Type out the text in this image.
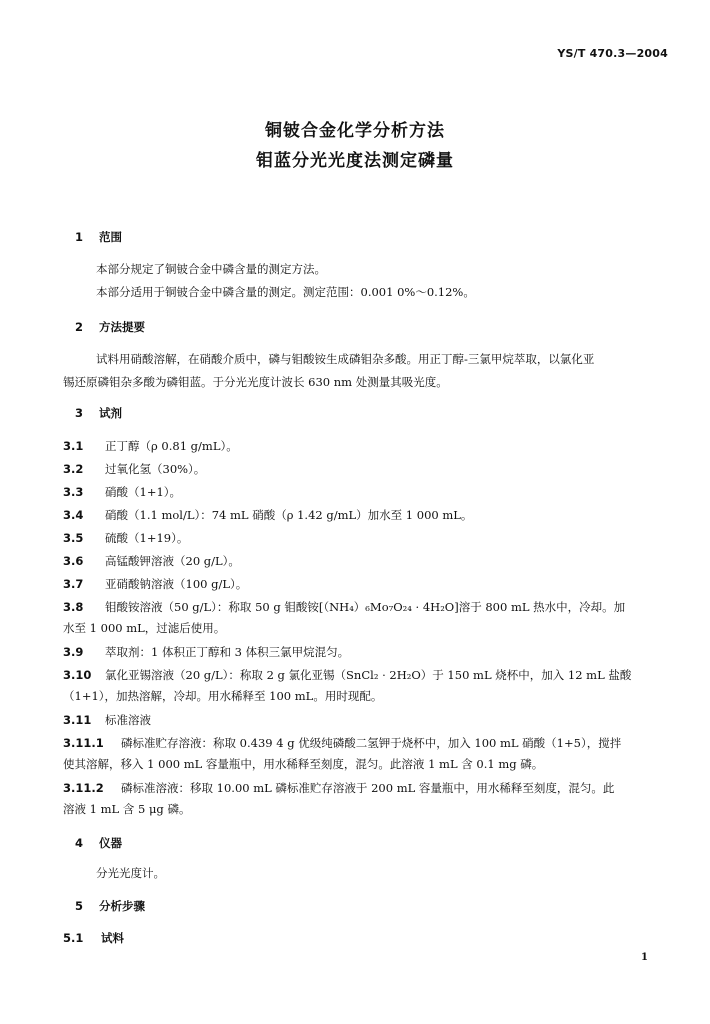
YS/T 470.3—2004
铜铍合金化学分析方法
钼蓝分光光度法测定磷量
1 范围
本部分规定了铜铍合金中磷含量的测定方法。
本部分适用于铜铍合金中磷含量的测定。测定范围：0.001 0%～0.12%。
2 方法提要
试料用硝酸溶解，在硝酸介质中，磷与钼酸铵生成磷钼杂多酸。用正丁醇-三氯甲烷萃取，以氯化亚
锡还原磷钼杂多酸为磷钼蓝。于分光光度计波长 630 nm 处测量其吸光度。
3 试剂
3.1 正丁醇（ρ 0.81 g/mL）。
3.2 过氧化氢（30%）。
3.3 硝酸（1+1）。
3.4 硝酸（1.1 mol/L）：74 mL 硝酸（ρ 1.42 g/mL）加水至 1 000 mL。
3.5 硫酸（1+19）。
3.6 高锰酸钾溶液（20 g/L）。
3.7 亚硝酸钠溶液（100 g/L）。
3.8 钼酸铵溶液（50 g/L）：称取 50 g 钼酸铵[（NH₄）₆Mo₇O₂₄ · 4H₂O]溶于 800 mL 热水中，冷却。加
水至 1 000 mL，过滤后使用。
3.9 萃取剂：1 体积正丁醇和 3 体积三氯甲烷混匀。
3.10 氯化亚锡溶液（20 g/L）：称取 2 g 氯化亚锡（SnCl₂ · 2H₂O）于 150 mL 烧杯中，加入 12 mL 盐酸
（1+1），加热溶解，冷却。用水稀释至 100 mL。用时现配。
3.11 标准溶液
3.11.1 磷标准贮存溶液：称取 0.439 4 g 优级纯磷酸二氢钾于烧杯中，加入 100 mL 硝酸（1+5），搅拌
使其溶解，移入 1 000 mL 容量瓶中，用水稀释至刻度，混匀。此溶液 1 mL 含 0.1 mg 磷。
3.11.2 磷标准溶液：移取 10.00 mL 磷标准贮存溶液于 200 mL 容量瓶中，用水稀释至刻度，混匀。此
溶液 1 mL 含 5 μg 磷。
4 仪器
分光光度计。
5 分析步骤
5.1 试料
1
